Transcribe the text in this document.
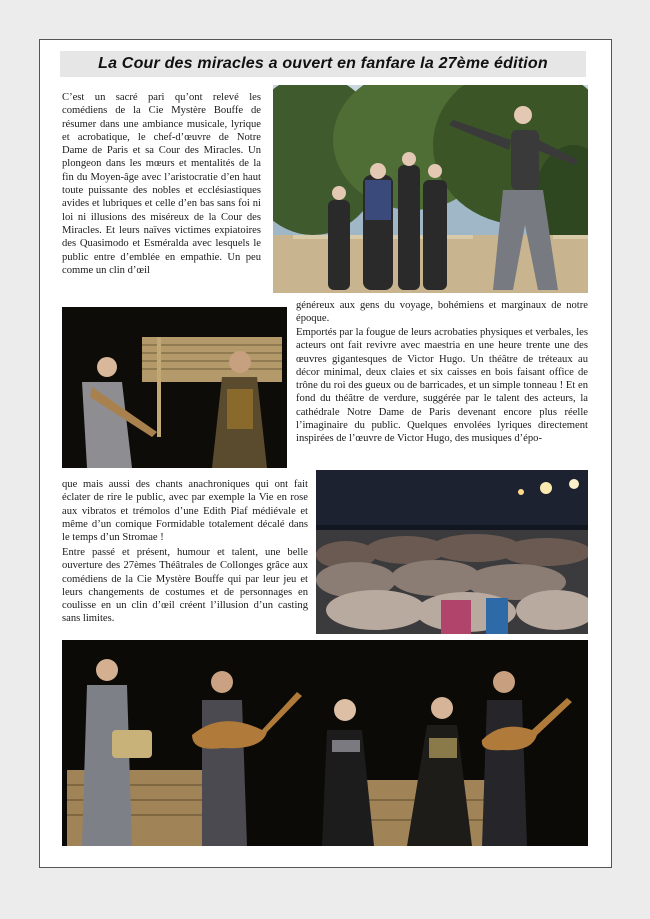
La Cour des miracles a ouvert en fanfare la 27ème édition

C’est un sacré pari qu’ont relevé les comédiens de la Cie Mystère Bouffe de résumer dans une ambiance musicale, lyrique et acrobatique, le chef-d’œuvre de Notre Dame de Paris et sa Cour des Miracles. Un plongeon dans les mœurs et mentalités de la fin du Moyen-âge avec l’aristocratie d’en haut toute puissante des nobles et ecclésiastiques avides et lubriques et celle d’en bas sans foi ni loi ni illusions des miséreux de la Cour des Miracles. Et leurs naïves victimes expiatoires des Quasimodo et Esméralda avec lesquels le public entre d’emblée en empathie. Un peu comme un clin d’œil

généreux aux gens du voyage, bohémiens et marginaux de notre époque.

Emportés par la fougue de leurs acrobaties physiques et verbales, les acteurs ont fait revivre avec maestria en une heure trente une des œuvres gigantesques de Victor Hugo. Un théâtre de tréteaux au décor minimal, deux claies et six caisses en bois faisant office de trône du roi des gueux ou de barricades, et un simple tonneau ! Et en fond du théâtre de verdure, suggérée par le talent des acteurs, la cathédrale Notre Dame de Paris devenant encore plus réelle l’imaginaire du public. Quelques envolées lyriques directement inspirées de l’œuvre de Victor Hugo, des musiques d’épo-

que mais aussi des chants anachroniques qui ont fait éclater de rire le public, avec par exemple la Vie en rose aux vibratos et trémolos d’une Edith Piaf médiévale et même d’un comique Formidable totalement décalé dans le temps d’un Stromae !

Entre passé et présent, humour et talent, une belle ouverture des 27èmes Théâtrales de Collonges grâce aux comédiens de la Cie Mystère Bouffe qui par leur jeu et leurs changements de costumes et de personnages en coulisse en un clin d’œil créent l’illusion d’un casting sans limites.
